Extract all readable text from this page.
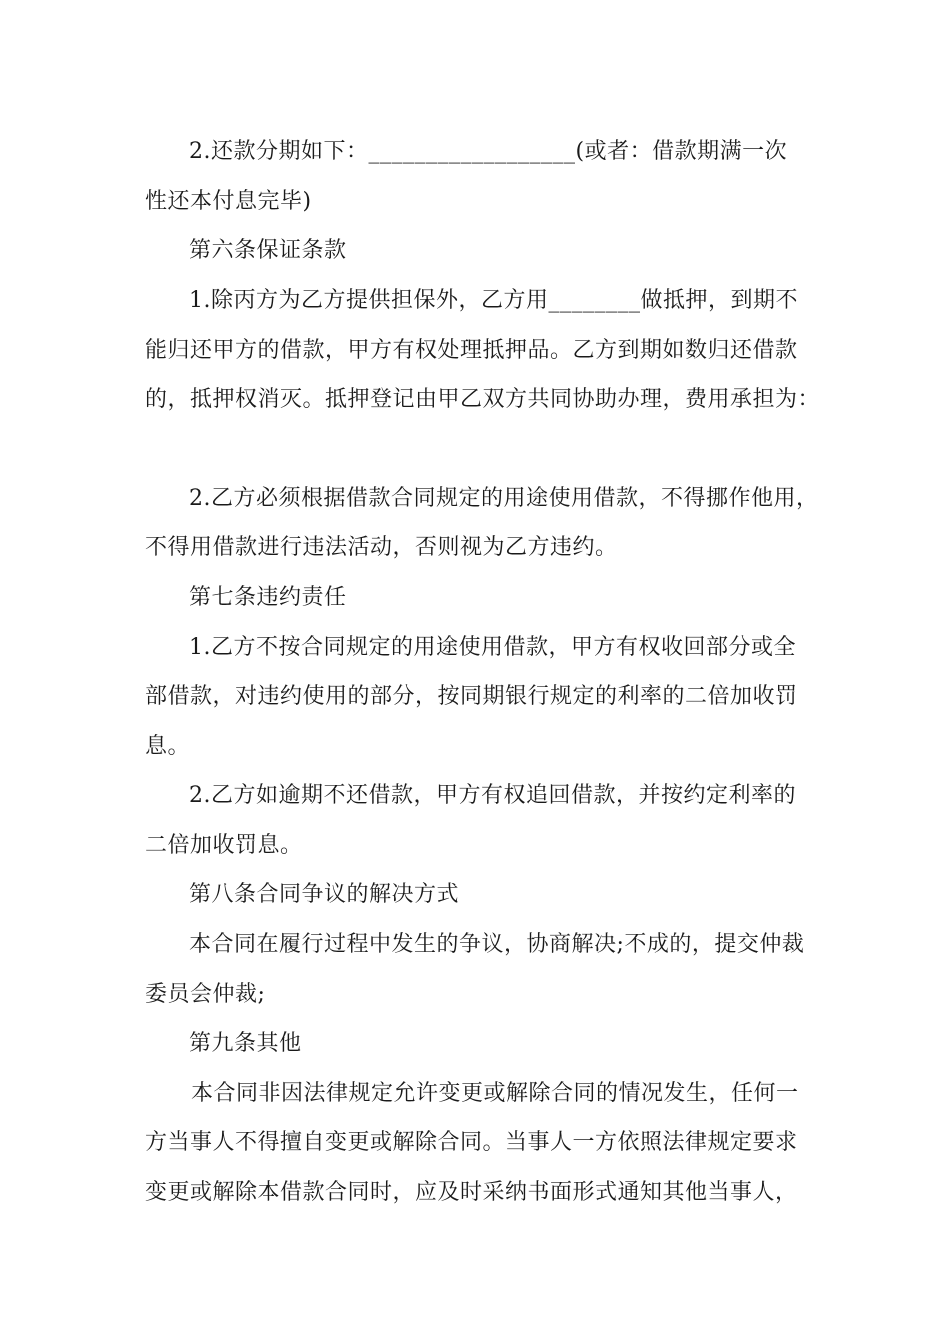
2.还款分期如下：__________________(或者：借款期满一次
性还本付息完毕)
第六条保证条款
1.除丙方为乙方提供担保外，乙方用________做抵押，到期不
能归还甲方的借款，甲方有权处理抵押品。乙方到期如数归还借款
的，抵押权消灭。抵押登记由甲乙双方共同协助办理，费用承担为：
2.乙方必须根据借款合同规定的用途使用借款，不得挪作他用，
不得用借款进行违法活动，否则视为乙方违约。
第七条违约责任
1.乙方不按合同规定的用途使用借款，甲方有权收回部分或全
部借款，对违约使用的部分，按同期银行规定的利率的二倍加收罚
息。
2.乙方如逾期不还借款，甲方有权追回借款，并按约定利率的
二倍加收罚息。
第八条合同争议的解决方式
本合同在履行过程中发生的争议，协商解决;不成的，提交仲裁
委员会仲裁;
第九条其他
本合同非因法律规定允许变更或解除合同的情况发生，任何一
方当事人不得擅自变更或解除合同。当事人一方依照法律规定要求
变更或解除本借款合同时，应及时采纳书面形式通知其他当事人，
